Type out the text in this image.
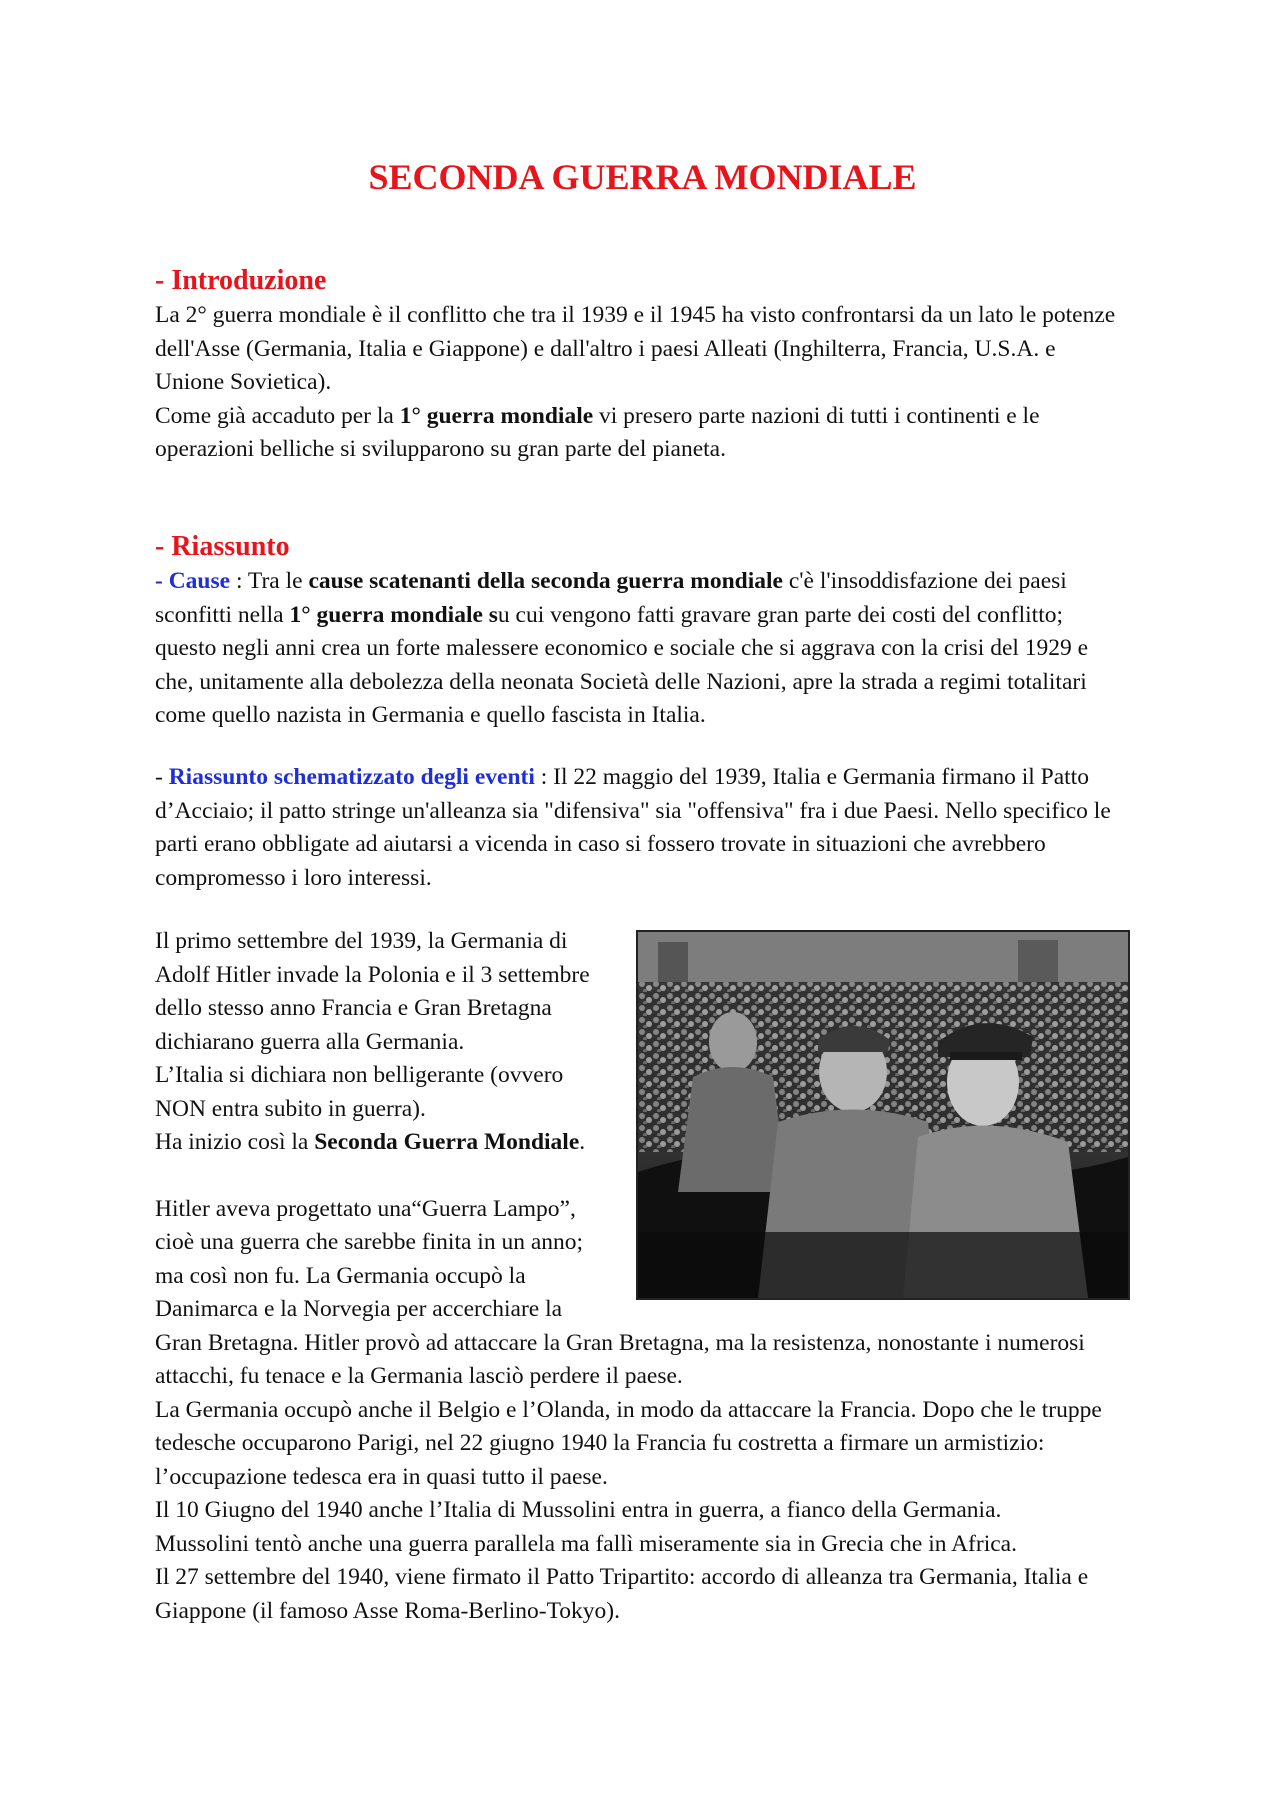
SECONDA GUERRA MONDIALE

- Introduzione

La 2° guerra mondiale è il conflitto che tra il 1939 e il 1945 ha visto confrontarsi da un lato le potenze dell'Asse (Germania, Italia e Giappone) e dall'altro i paesi Alleati (Inghilterra, Francia, U.S.A. e Unione Sovietica).

Come già accaduto per la 1° guerra mondiale vi presero parte nazioni di tutti i continenti e le operazioni belliche si svilupparono su gran parte del pianeta.

- Riassunto

- Cause : Tra le cause scatenanti della seconda guerra mondiale c'è l'insoddisfazione dei paesi sconfitti nella 1° guerra mondiale su cui vengono fatti gravare gran parte dei costi del conflitto; questo negli anni crea un forte malessere economico e sociale che si aggrava con la crisi del 1929 e che, unitamente alla debolezza della neonata Società delle Nazioni, apre la strada a regimi totalitari come quello nazista in Germania e quello fascista in Italia.

- Riassunto schematizzato degli eventi : Il 22 maggio del 1939, Italia e Germania firmano il Patto d’Acciaio; il patto stringe un'alleanza sia "difensiva" sia "offensiva" fra i due Paesi. Nello specifico le parti erano obbligate ad aiutarsi a vicenda in caso si fossero trovate in situazioni che avrebbero compromesso i loro interessi.

Il primo settembre del 1939, la Germania di Adolf Hitler invade la Polonia e il 3 settembre dello stesso anno Francia e Gran Bretagna dichiarano guerra alla Germania.

L’Italia si dichiara non belligerante (ovvero NON entra subito in guerra).

Ha inizio così la Seconda Guerra Mondiale.

Hitler aveva progettato una“Guerra Lampo”, cioè una guerra che sarebbe finita in un anno; ma così non fu. La Germania occupò la Danimarca e la Norvegia per accerchiare la Gran Bretagna. Hitler provò ad attaccare la Gran Bretagna, ma la resistenza, nonostante i numerosi attacchi, fu tenace e la Germania lasciò perdere il paese.

La Germania occupò anche il Belgio e l’Olanda, in modo da attaccare la Francia. Dopo che le truppe tedesche occuparono Parigi, nel 22 giugno 1940 la Francia fu costretta a firmare un armistizio: l’occupazione tedesca era in quasi tutto il paese.

Il 10 Giugno del 1940 anche l’Italia di Mussolini entra in guerra, a fianco della Germania.

Mussolini tentò anche una guerra parallela ma fallì miseramente sia in Grecia che in Africa.

Il 27 settembre del 1940, viene firmato il Patto Tripartito: accordo di alleanza tra Germania, Italia e Giappone (il famoso Asse Roma-Berlino-Tokyo).
